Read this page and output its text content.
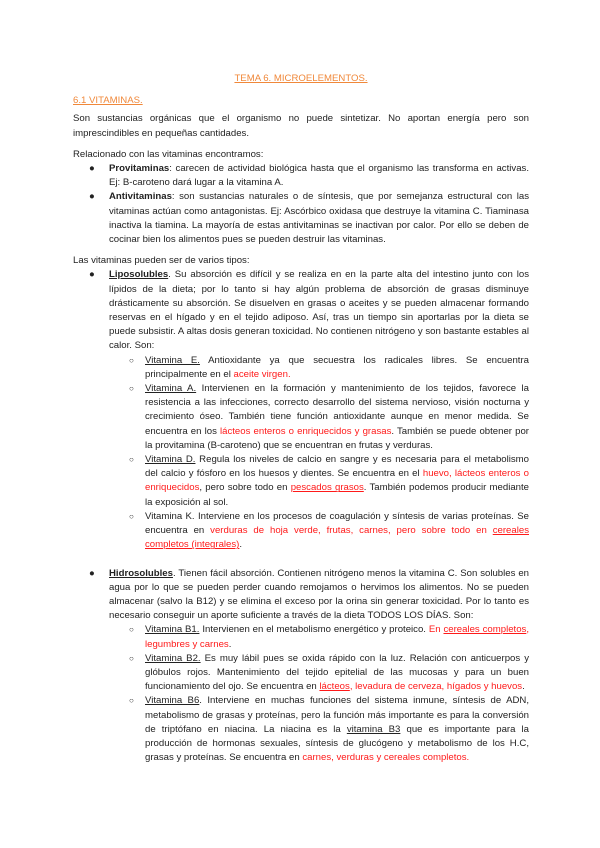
TEMA 6. MICROELEMENTOS.
6.1 VITAMINAS.

Son sustancias orgánicas que el organismo no puede sintetizar. No aportan energía pero son imprescindibles en pequeñas cantidades.

Relacionado con las vitaminas encontramos:
● Provitaminas: carecen de actividad biológica hasta que el organismo las transforma en activas. Ej: B-caroteno dará lugar a la vitamina A.
● Antivitaminas: son sustancias naturales o de síntesis, que por semejanza estructural con las vitaminas actúan como antagonistas. Ej: Ascórbico oxidasa que destruye la vitamina C. Tiaminasa inactiva la tiamina. La mayoría de estas antivitaminas se inactivan por calor. Por ello se deben de cocinar bien los alimentos pues se pueden destruir las vitaminas.
Las vitaminas pueden ser de varios tipos:
● Liposolubles. Su absorción es difícil y se realiza en en la parte alta del intestino junto con los lípidos de la dieta; por lo tanto si hay algún problema de absorción de grasas disminuye drásticamente su absorción. Se disuelven en grasas o aceites y se pueden almacenar formando reservas en el hígado y en el tejido adiposo. Así, tras un tiempo sin aportarlas por la dieta se puede subsistir. A altas dosis generan toxicidad. No contienen nitrógeno y son bastante estables al calor. Son:
○ Vitamina E. Antioxidante ya que secuestra los radicales libres. Se encuentra principalmente en el aceite virgen.
○ Vitamina A. Intervienen en la formación y mantenimiento de los tejidos, favorece la resistencia a las infecciones, correcto desarrollo del sistema nervioso, visión nocturna y crecimiento óseo. También tiene función antioxidante aunque en menor medida. Se encuentra en los lácteos enteros o enriquecidos y grasas. También se puede obtener por la provitamina (B-caroteno) que se encuentran en frutas y verduras.
○ Vitamina D. Regula los niveles de calcio en sangre y es necesaria para el metabolismo del calcio y fósforo en los huesos y dientes. Se encuentra en el huevo, lácteos enteros o enriquecidos, pero sobre todo en pescados grasos. También podemos producir mediante la exposición al sol.
○ Vitamina K. Interviene en los procesos de coagulación y síntesis de varias proteínas. Se encuentra en verduras de hoja verde, frutas, carnes, pero sobre todo en cereales completos (integrales).
● Hidrosolubles. Tienen fácil absorción. Contienen nitrógeno menos la vitamina C. Son solubles en agua por lo que se pueden perder cuando remojamos o hervimos los alimentos. No se pueden almacenar (salvo la B12) y se elimina el exceso por la orina sin generar toxicidad. Por lo tanto es necesario conseguir un aporte suficiente a través de la dieta TODOS LOS DÍAS. Son:
○ Vitamina B1. Intervienen en el metabolismo energético y proteico. En cereales completos, legumbres y carnes.
○ Vitamina B2. Es muy lábil pues se oxida rápido con la luz. Relación con anticuerpos y glóbulos rojos. Mantenimiento del tejido epitelial de las mucosas y para un buen funcionamiento del ojo. Se encuentra en lácteos, levadura de cerveza, hígados y huevos.
○ Vitamina B6. Interviene en muchas funciones del sistema inmune, síntesis de ADN, metabolismo de grasas y proteínas, pero la función más importante es para la conversión de triptófano en niacina. La niacina es la vitamina B3 que es importante para la producción de hormonas sexuales, síntesis de glucógeno y metabolismo de los H.C, grasas y proteínas. Se encuentra en carnes, verduras y cereales completos.
